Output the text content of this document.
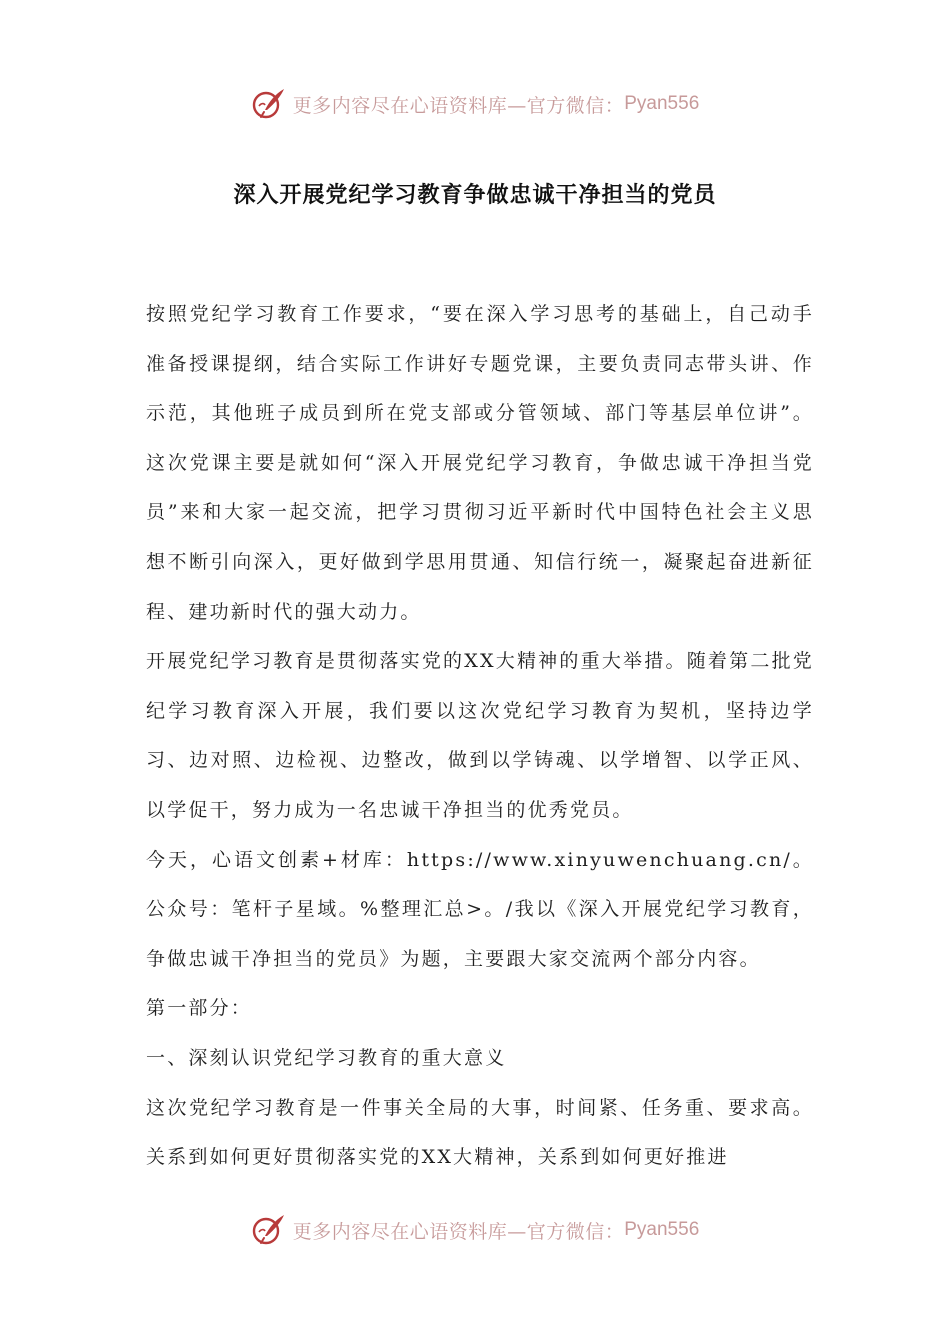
更多内容尽在心语资料库—官方微信： Pyan556
深入开展党纪学习教育争做忠诚干净担当的党员

按照党纪学习教育工作要求，“要在深入学习思考的基础上，自己动手准备授课提纲，结合实际工作讲好专题党课，主要负责同志带头讲、作示范，其他班子成员到所在党支部或分管领域、部门等基层单位讲”。这次党课主要是就如何“深入开展党纪学习教育，争做忠诚干净担当党员”来和大家一起交流，把学习贯彻习近平新时代中国特色社会主义思想不断引向深入，更好做到学思用贯通、知信行统一，凝聚起奋进新征程、建功新时代的强大动力。

开展党纪学习教育是贯彻落实党的XX大精神的重大举措。随着第二批党纪学习教育深入开展，我们要以这次党纪学习教育为契机，坚持边学习、边对照、边检视、边整改，做到以学铸魂、以学增智、以学正风、以学促干，努力成为一名忠诚干净担当的优秀党员。

今天，心语文创素+材库：https://www.xinyuwenchuang.cn/。公众号：笔杆子星域。%整理汇总>。/我以《深入开展党纪学习教育，争做忠诚干净担当的党员》为题，主要跟大家交流两个部分内容。

第一部分：

一、深刻认识党纪学习教育的重大意义

这次党纪学习教育是一件事关全局的大事，时间紧、任务重、要求高。关系到如何更好贯彻落实党的XX大精神，关系到如何更好推进

更多内容尽在心语资料库—官方微信： Pyan556
